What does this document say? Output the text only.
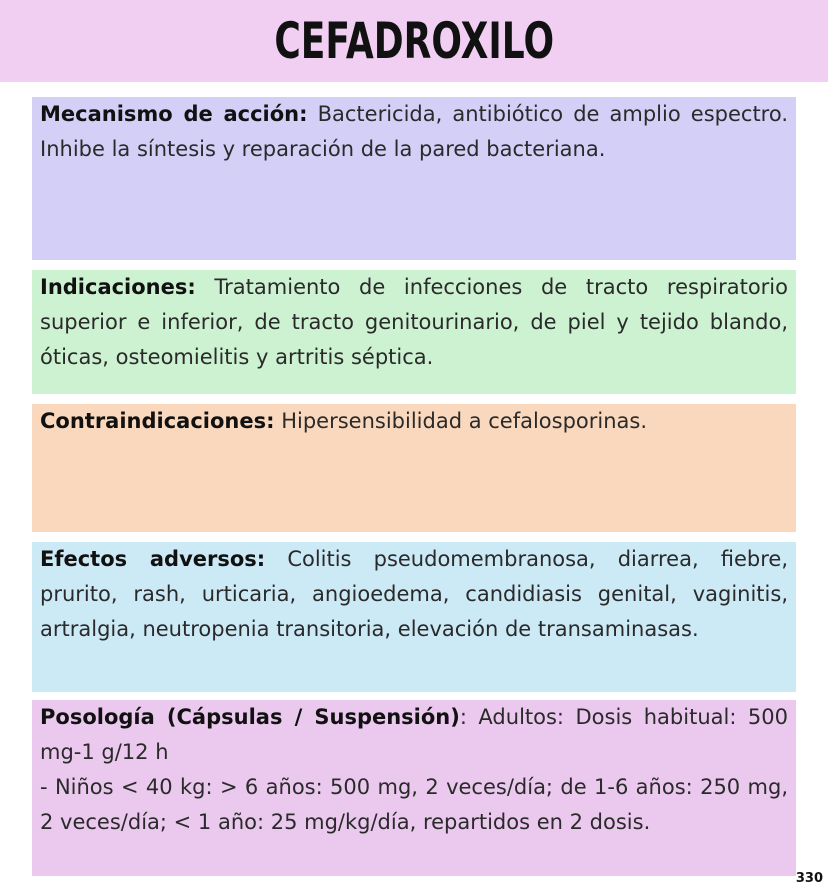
CEFADROXILO

Mecanismo de acción: Bactericida, antibiótico de amplio espectro. Inhibe la síntesis y reparación de la pared bacteriana.

Indicaciones: Tratamiento de infecciones de tracto respiratorio superior e inferior, de tracto genitourinario, de piel y tejido blando, óticas, osteomielitis y artritis séptica.

Contraindicaciones: Hipersensibilidad a cefalosporinas.

Efectos adversos: Colitis pseudomembranosa, diarrea, fiebre, prurito, rash, urticaria, angioedema, candidiasis genital, vaginitis, artralgia, neutropenia transitoria, elevación de transaminasas.

Posología (Cápsulas / Suspensión): Adultos: Dosis habitual: 500 mg-1 g/12 h

- Niños < 40 kg: > 6 años: 500 mg, 2 veces/día; de 1-6 años: 250 mg, 2 veces/día; < 1 año: 25 mg/kg/día, repartidos en 2 dosis.

330
